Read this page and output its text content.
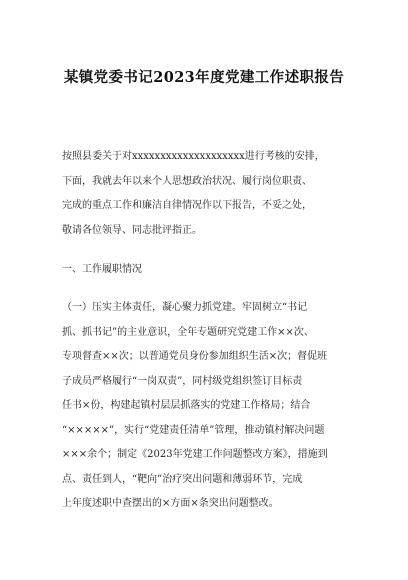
某镇党委书记2023年度党建工作述职报告
按照县委关于对xxxxxxxxxxxxxxxxxxxx进行考核的安排，
下面，我就去年以来个人思想政治状况、履行岗位职责、
完成的重点工作和廉洁自律情况作以下报告，不妥之处，
敬请各位领导、同志批评指正。
一、工作履职情况
（一）压实主体责任，凝心聚力抓党建。牢固树立“书记
抓、抓书记”的主业意识，全年专题研究党建工作××次、
专项督查××次；以普通党员身份参加组织生活×次；督促班
子成员严格履行“一岗双责”，同村级党组织签订目标责
任书×份，构建起镇村层层抓落实的党建工作格局；结合
“×××××”，实行“党建责任清单”管理，推动镇村解决问题
×××余个；制定《2023年党建工作问题整改方案》，措施到
点、责任到人，“靶向”治疗突出问题和薄弱环节，完成
上年度述职中查摆出的×方面×条突出问题整改。
